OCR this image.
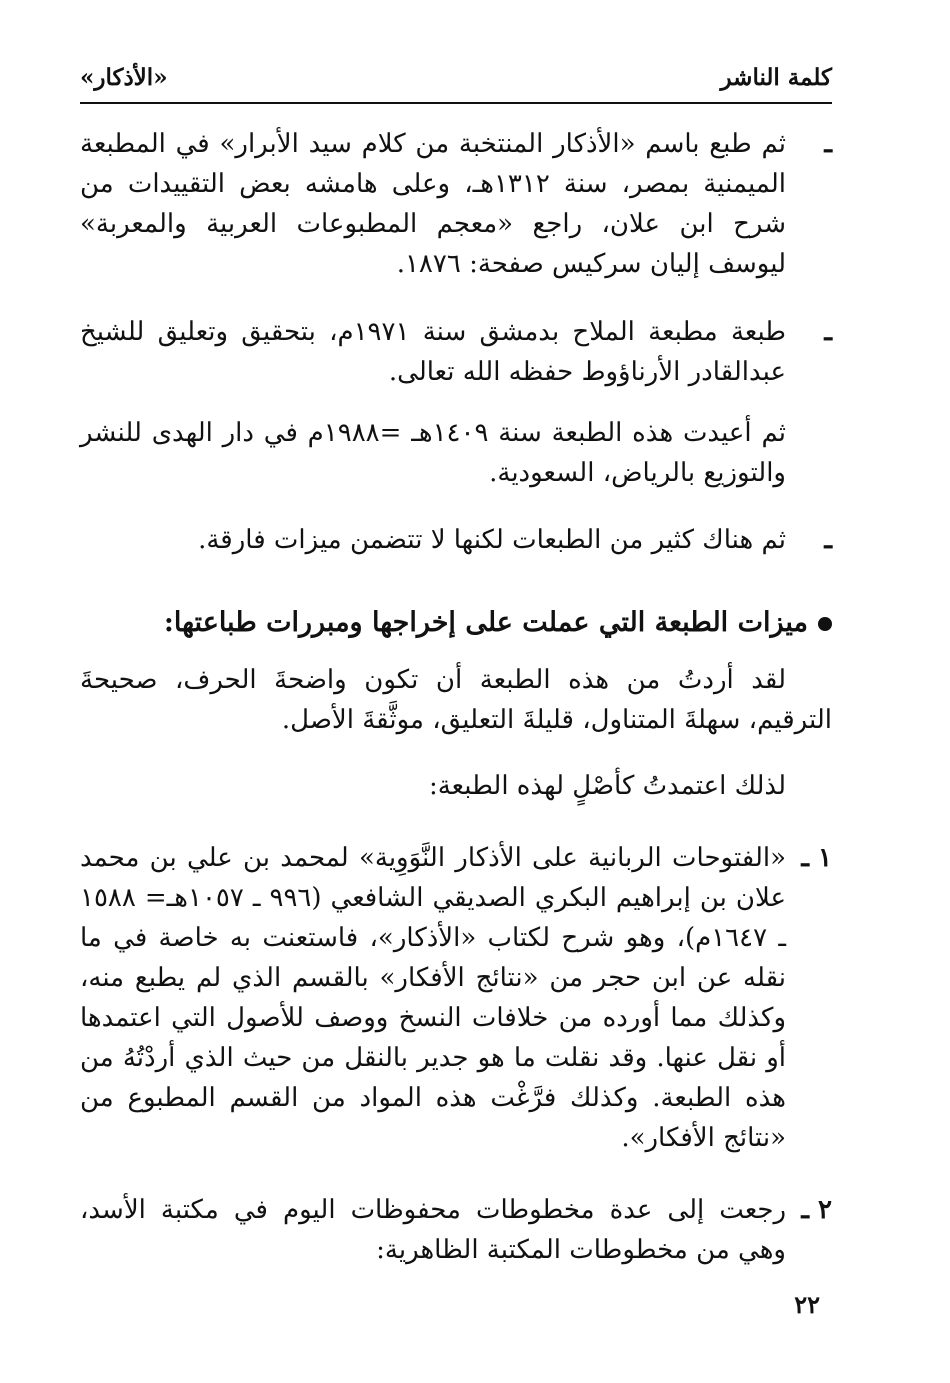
كلمة الناشر
«الأذكار»
ـ
ثم طبع باسم «الأذكار المنتخبة من كلام سيد الأبرار» في المطبعة الميمنية بمصر، سنة ١٣١٢هـ، وعلى هامشه بعض التقييدات من شرح ابن علان، راجع «معجم المطبوعات العربية والمعربة» ليوسف إليان سركيس صفحة: ١٨٧٦.
ـ
طبعة مطبعة الملاح بدمشق سنة ١٩٧١م، بتحقيق وتعليق للشيخ عبدالقادر الأرناؤوط حفظه الله تعالى.
ثم أعيدت هذه الطبعة سنة ١٤٠٩هـ =١٩٨٨م في دار الهدى للنشر والتوزيع بالرياض، السعودية.
ـ
ثم هناك كثير من الطبعات لكنها لا تتضمن ميزات فارقة.
ميزات الطبعة التي عملت على إخراجها ومبررات طباعتها:
لقد أردتُ من هذه الطبعة أن تكون واضحةَ الحرف، صحيحةَ الترقيم، سهلةَ المتناول، قليلةَ التعليق، موثَّقةَ الأصل.
لذلك اعتمدتُ كأصْلٍ لهذه الطبعة:
١ ـ
«الفتوحات الربانية على الأذكار النَّوَوِية» لمحمد بن علي بن محمد علان بن إبراهيم البكري الصديقي الشافعي (٩٩٦ ـ ١٠٥٧هـ= ١٥٨٨ ـ ١٦٤٧م)، وهو شرح لكتاب «الأذكار»، فاستعنت به خاصة في ما نقله عن ابن حجر من «نتائج الأفكار» بالقسم الذي لم يطبع منه، وكذلك مما أورده من خلافات النسخ ووصف للأصول التي اعتمدها أو نقل عنها. وقد نقلت ما هو جدير بالنقل من حيث الذي أردْتُهُ من هذه الطبعة. وكذلك فرَّغْت هذه المواد من القسم المطبوع من «نتائج الأفكار».
٢ ـ
رجعت إلى عدة مخطوطات محفوظات اليوم في مكتبة الأسد، وهي من مخطوطات المكتبة الظاهرية:
٢٢
